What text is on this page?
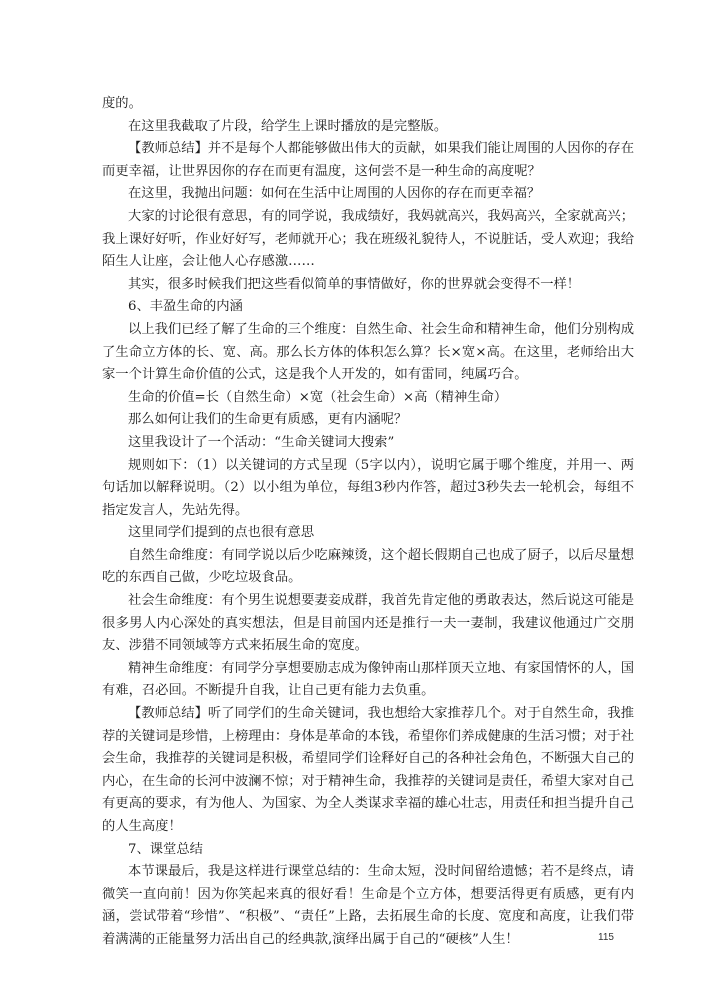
度的。

在这里我截取了片段，给学生上课时播放的是完整版。

【教师总结】并不是每个人都能够做出伟大的贡献，如果我们能让周围的人因你的存在而更幸福，让世界因你的存在而更有温度，这何尝不是一种生命的高度呢？

在这里，我抛出问题：如何在生活中让周围的人因你的存在而更幸福？

大家的讨论很有意思，有的同学说，我成绩好，我妈就高兴，我妈高兴，全家就高兴；我上课好好听，作业好好写，老师就开心；我在班级礼貌待人，不说脏话，受人欢迎；我给陌生人让座，会让他人心存感激……

其实，很多时候我们把这些看似简单的事情做好，你的世界就会变得不一样！

6、丰盈生命的内涵

以上我们已经了解了生命的三个维度：自然生命、社会生命和精神生命，他们分别构成了生命立方体的长、宽、高。那么长方体的体积怎么算？长×宽×高。在这里，老师给出大家一个计算生命价值的公式，这是我个人开发的，如有雷同，纯属巧合。

生命的价值=长（自然生命）×宽（社会生命）×高（精神生命）

那么如何让我们的生命更有质感，更有内涵呢？

这里我设计了一个活动：“生命关键词大搜索”

规则如下：（1）以关键词的方式呈现（5字以内），说明它属于哪个维度，并用一、两句话加以解释说明。（2）以小组为单位，每组3秒内作答，超过3秒失去一轮机会，每组不指定发言人，先站先得。

这里同学们提到的点也很有意思

自然生命维度：有同学说以后少吃麻辣烫，这个超长假期自己也成了厨子，以后尽量想吃的东西自己做，少吃垃圾食品。

社会生命维度：有个男生说想要妻妾成群，我首先肯定他的勇敢表达，然后说这可能是很多男人内心深处的真实想法，但是目前国内还是推行一夫一妻制，我建议他通过广交朋友、涉猎不同领域等方式来拓展生命的宽度。

精神生命维度：有同学分享想要励志成为像钟南山那样顶天立地、有家国情怀的人，国有难，召必回。不断提升自我，让自己更有能力去负重。

【教师总结】听了同学们的生命关键词，我也想给大家推荐几个。对于自然生命，我推荐的关键词是珍惜，上榜理由：身体是革命的本钱，希望你们养成健康的生活习惯；对于社会生命，我推荐的关键词是积极，希望同学们诠释好自己的各种社会角色，不断强大自己的内心，在生命的长河中波澜不惊；对于精神生命，我推荐的关键词是责任，希望大家对自己有更高的要求，有为他人、为国家、为全人类谋求幸福的雄心壮志，用责任和担当提升自己的人生高度！

7、课堂总结

本节课最后，我是这样进行课堂总结的：生命太短，没时间留给遗憾；若不是终点，请微笑一直向前！因为你笑起来真的很好看！生命是个立方体，想要活得更有质感，更有内涵，尝试带着“珍惜”、“积极”、“责任”上路，去拓展生命的长度、宽度和高度，让我们带着满满的正能量努力活出自己的经典款,演绎出属于自己的“硬核”人生！	115
